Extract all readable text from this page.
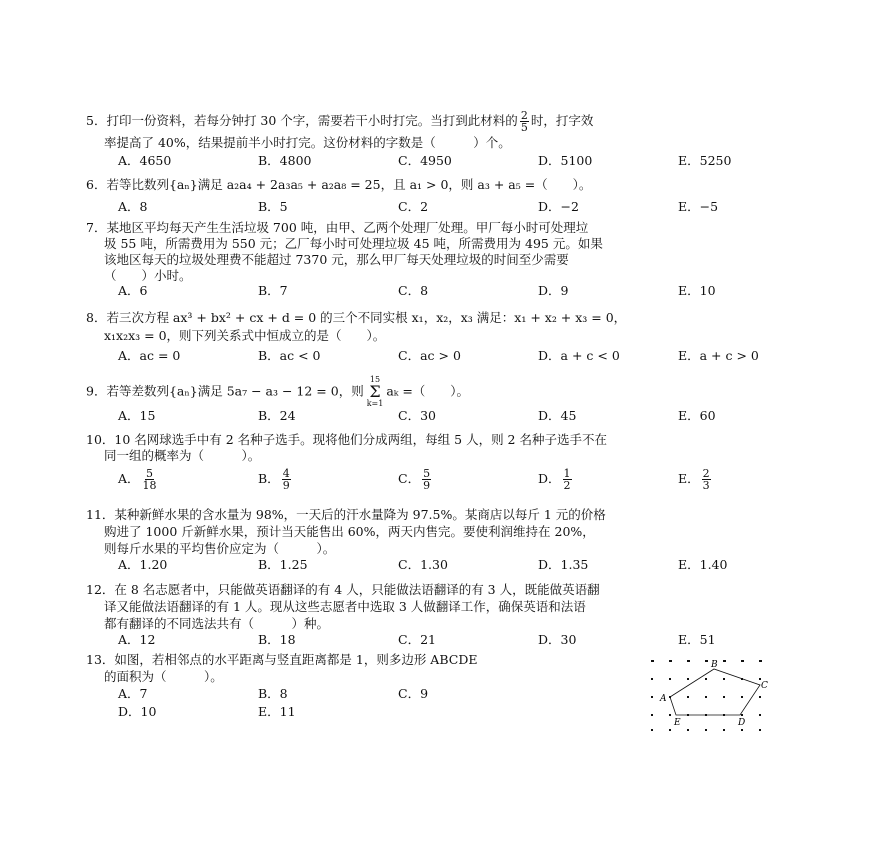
5．打印一份资料，若每分钟打 30 个字，需要若干小时打完。当打到此材料的 $\frac{2}{5}$ 时，打字效
率提高了 40%，结果提前半小时打完。这份材料的字数是（　　　）个。
A．4650	B．4800	C．4950	D．5100	E．5250
6．若等比数列{aₙ}满足 a₂a₄ + 2a₃a₅ + a₂a₈ = 25，且 a₁ > 0，则 a₃ + a₅ =（　　）。
A．8	B．5	C．2	D．−2	E．−5
7．某地区平均每天产生生活垃圾 700 吨，由甲、乙两个处理厂处理。甲厂每小时可处理垃
圾 55 吨，所需费用为 550 元；乙厂每小时可处理垃圾 45 吨，所需费用为 495 元。如果
该地区每天的垃圾处理费不能超过 7370 元，那么甲厂每天处理垃圾的时间至少需要
（　　）小时。
A．6	B．7	C．8	D．9	E．10
8．若三次方程 ax³ + bx² + cx + d = 0 的三个不同实根 x₁，x₂，x₃ 满足：x₁ + x₂ + x₃ = 0，
x₁x₂x₃ = 0，则下列关系式中恒成立的是（　　）。
A．ac = 0	B．ac < 0	C．ac > 0	D．a + c < 0	E．a + c > 0
9．若等差数列{aₙ}满足 5a₇ − a₃ − 12 = 0，则
15
Σ
k=1
aₖ =（　　）。
A．15	B．24	C．30	D．45	E．60
10．10 名网球选手中有 2 名种子选手。现将他们分成两组，每组 5 人，则 2 名种子选手不在
同一组的概率为（　　　）。
A． $\frac{5}{18}$	B． $\frac{4}{9}$	C． $\frac{5}{9}$	D． $\frac{1}{2}$	E． $\frac{2}{3}$
11．某种新鲜水果的含水量为 98%，一天后的汗水量降为 97.5%。某商店以每斤 1 元的价格
购进了 1000 斤新鲜水果，预计当天能售出 60%，两天内售完。要使利润维持在 20%，
则每斤水果的平均售价应定为（　　　）。
A．1.20	B．1.25	C．1.30	D．1.35	E．1.40
12．在 8 名志愿者中，只能做英语翻译的有 4 人，只能做法语翻译的有 3 人，既能做英语翻
译又能做法语翻译的有 1 人。现从这些志愿者中选取 3 人做翻译工作，确保英语和法语
都有翻译的不同选法共有（　　　）种。
A．12	B．18	C．21	D．30	E．51
13．如图，若相邻点的水平距离与竖直距离都是 1，则多边形 ABCDE
的面积为（　　　）。
A．7	B．8	C．9
D．10	E．11
B
C
A
E	D
